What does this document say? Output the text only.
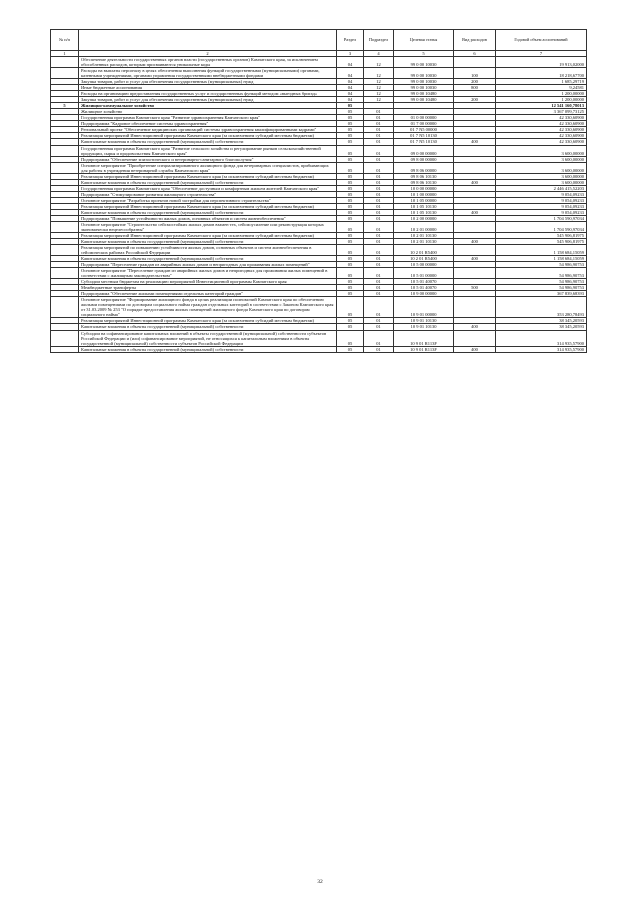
№ п/п		Раздел	Подраздел	Целевая статья	Вид расходов	Годовой объем ассигнований
1	2	3	4	5	6	7
	Обеспечение деятельности государственных органов власти (государственных органов) Камчатского края, за исключением обособленных расходов, которым присваиваются уникальные коды	04	12	99 0 00 10030		19 913,02000
	Расходы на выплаты персоналу в целях обеспечения выполнения функций государственными (муниципальными) органами, казенными учреждениями, органами управления государственными внебюджетными фондами	04	12	99 0 00 10030	100	18 218,67700
	Закупка товаров, работ и услуг для обеспечения государственных (муниципальных) нужд	04	12	99 0 00 10030	200	1 685,29719
	Иные бюджетные ассигнования	04	12	99 0 00 10030	800	9,24581
	Расходы на организацию предоставления государственных услуг и государственных функций методом «выездных бригад»	04	12	99 0 00 10480		1 200,00000
	Закупка товаров, работ и услуг для обеспечения государственных (муниципальных) нужд	04	12	99 0 00 10480	200	1 200,00000
5	Жилищно-коммунальное хозяйство	05				12 541 160,78013
	Жилищное хозяйство	05	01			3 367 099,73125
	Государственная программа Камчатского края "Развитие здравоохранения Камчатского края"	05	01	01 0 00 00000		42 330,60900
	Подпрограмма "Кадровое обеспечение системы здравоохранения"	05	01	01 7 00 00000		42 330,60900
	Региональный проект "Обеспечение медицинских организаций системы здравоохранения квалифицированными кадрами"	05	01	01 7 N5 00000		42 330,60900
	Реализация мероприятий Инвестиционной программы Камчатского края (за исключением субсидий местным бюджетам)	05	01	01 7 N5 10130		42 330,60900
	Капитальные вложения в объекты государственной (муниципальной) собственности	05	01	01 7 N5 10130	400	42 330,60900
	Государственная программа Камчатского края "Развитие сельского хозяйства и регулирование рынков сельскохозяйственной продукции, сырья и продовольствия Камчатского края"	05	01	09 0 00 00000		3 600,00000
	Подпрограмма "Обеспечение эпизоотического и ветеринарно-санитарного благополучия"	05	01	09 8 00 00000		3 600,00000
	Основное мероприятие "Приобретение специализированного жилищного фонда для ветеринарных специалистов, прибывающих для работы в учреждения ветеринарной службы Камчатского края"	05	01	09 8 06 00000		3 600,00000
	Реализация мероприятий Инвестиционной программы Камчатского края (за исключением субсидий местным бюджетам)	05	01	09 8 06 10130		3 600,00000
	Капитальные вложения в объекты государственной (муниципальной) собственности	05	01	09 8 06 10130	400	3 600,00000
	Государственная программа Камчатского края "Обеспечение доступным и комфортным жильем жителей Камчатского края"	05	01	10 0 00 00000		2 446 415,52203
	Подпрограмма "Стимулирование развития жилищного строительства"	05	01	10 1 00 00000		9 054,09233
	Основное мероприятие "Разработка проектов новой застройки для перспективного строительства"	05	01	10 1 05 00000		9 054,09233
	Реализация мероприятий Инвестиционной программы Камчатского края (за исключением субсидий местным бюджетам)	05	01	10 1 05 10130		9 054,09233
	Капитальные вложения в объекты государственной (муниципальной) собственности	05	01	10 1 05 10130	400	9 054,09233
	Подпрограмма "Повышение устойчивости жилых домов, основных объектов и систем жизнеобеспечения"	05	01	10 2 00 00000		1 704 590,97034
	Основное мероприятие "Строительство сейсмостойких жилых домов взамен тех, сейсмоусиление или реконструкция которых экономически нецелесообразны"	05	01	10 2 01 00000		1 704 590,97034
	Реализация мероприятий Инвестиционной программы Камчатского края (за исключением субсидий местным бюджетам)	05	01	10 2 01 10130		545 906,81975
	Капитальные вложения в объекты государственной (муниципальной) собственности	05	01	10 2 01 10130	400	545 906,81975
	Реализация мероприятий по повышению устойчивости жилых домов, основных объектов и систем жизнеобеспечения в сейсмических районах Российской Федерации	05	01	10 2 01 R5400		1 158 684,15059
	Капитальные вложения в объекты государственной (муниципальной) собственности	05	01	10 2 01 R5400	400	1 158 684,15059
	Подпрограмма "Переселение граждан из аварийных жилых домов и непригодных для проживания жилых помещений"	05	01	10 5 00 00000		54 986,90753
	Основное мероприятие "Переселение граждан из аварийных жилых домов и непригодных для проживания жилых помещений в соответствии с жилищным законодательством"	05	01	10 5 01 00000		54 986,90753
	Субсидии местным бюджетам на реализацию мероприятий Инвестиционной программы Камчатского края	05	01	10 5 01 40070		54 986,90753
	Межбюджетные трансферты	05	01	10 5 01 40070	500	54 986,90753
	Подпрограмма "Обеспечение жилыми помещениями отдельных категорий граждан"	05	01	10 9 00 00000		367 839,68393
	Основное мероприятие "Формирование жилищного фонда в целях реализации полномочий Камчатского края по обеспечению жилыми помещениями по договорам социального найма граждан отдельных категорий в соответствии с Законом Камчатского края от 31.03.2009 № 253 "О порядке предоставления жилых помещений жилищного фонда Камчатского края по договорам социального найма"	05	01	10 9 01 00000		353 280,78493
	Реализация мероприятий Инвестиционной программы Камчатского края (за исключением субсидий местным бюджетам)	05	01	10 9 01 10130		38 345,20593
	Капитальные вложения в объекты государственной (муниципальной) собственности	05	01	10 9 01 10130	400	38 345,20593
	Субсидии на софинансирование капитальных вложений в объекты государственной (муниципальной) собственности субъектов Российской Федерации и (или) софинансирование мероприятий, не относящихся к капитальным вложениям в объекты государственной (муниципальной) собственности субъектов Российской Федерации	05	01	10 9 01 R113F		314 935,57900
	Капитальные вложения в объекты государственной (муниципальной) собственности	05	01	10 9 01 R113F	400	314 935,57900
32
